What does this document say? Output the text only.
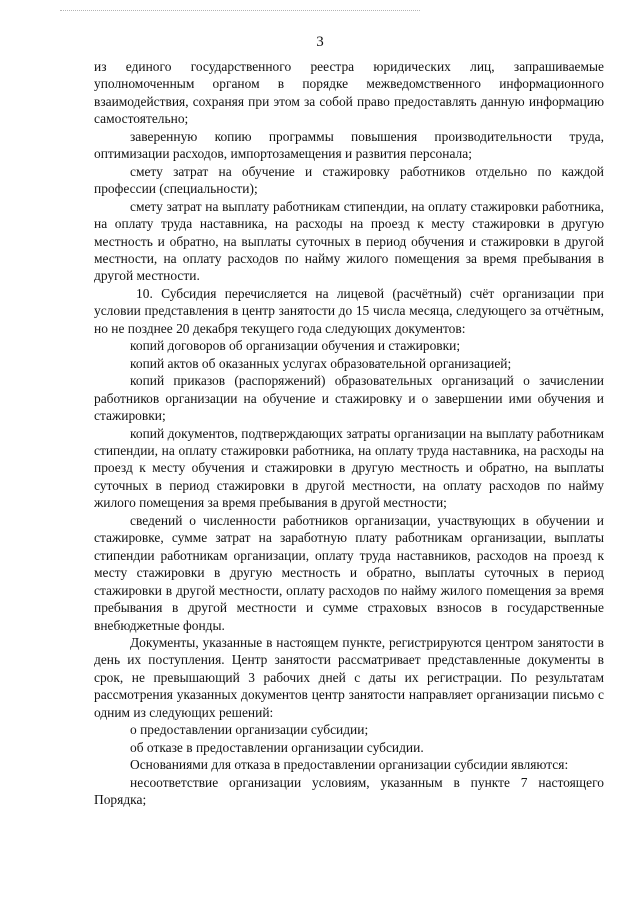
3

из единого государственного реестра юридических лиц, запрашиваемые уполномоченным органом в порядке межведомственного информационного взаимодействия, сохраняя при этом за собой право предоставлять данную информацию самостоятельно;

заверенную копию программы повышения производительности труда, оптимизации расходов, импортозамещения и развития персонала;

смету затрат на обучение и стажировку работников отдельно по каждой профессии (специальности);

смету затрат на выплату работникам стипендии, на оплату стажировки работника, на оплату труда наставника, на расходы на проезд к месту стажировки в другую местность и обратно, на выплаты суточных в период обучения и стажировки в другой местности, на оплату расходов по найму жилого помещения за время пребывания в другой местности.

10. Субсидия перечисляется на лицевой (расчётный) счёт организации при условии представления в центр занятости до 15 числа месяца, следующего за отчётным, но не позднее 20 декабря текущего года следующих документов:

копий договоров об организации обучения и стажировки;

копий актов об оказанных услугах образовательной организацией;

копий приказов (распоряжений) образовательных организаций о зачислении работников организации на обучение и стажировку и о завершении ими обучения и стажировки;

копий документов, подтверждающих затраты организации на выплату работникам стипендии, на оплату стажировки работника, на оплату труда наставника, на расходы на проезд к месту обучения и стажировки в другую местность и обратно, на выплаты суточных в период стажировки в другой местности, на оплату расходов по найму жилого помещения за время пребывания в другой местности;

сведений о численности работников организации, участвующих в обучении и стажировке, сумме затрат на заработную плату работникам организации, выплаты стипендии работникам организации, оплату труда наставников, расходов на проезд к месту стажировки в другую местность и обратно, выплаты суточных в период стажировки в другой местности, оплату расходов по найму жилого помещения за время пребывания в другой местности и сумме страховых взносов в государственные внебюджетные фонды.

Документы, указанные в настоящем пункте, регистрируются центром занятости в день их поступления. Центр занятости рассматривает представленные документы в срок, не превышающий 3 рабочих дней с даты их регистрации. По результатам рассмотрения указанных документов центр занятости направляет организации письмо с одним из следующих решений:

о предоставлении организации субсидии;

об отказе в предоставлении организации субсидии.

Основаниями для отказа в предоставлении организации субсидии являются:

несоответствие организации условиям, указанным в пункте 7 настоящего Порядка;
